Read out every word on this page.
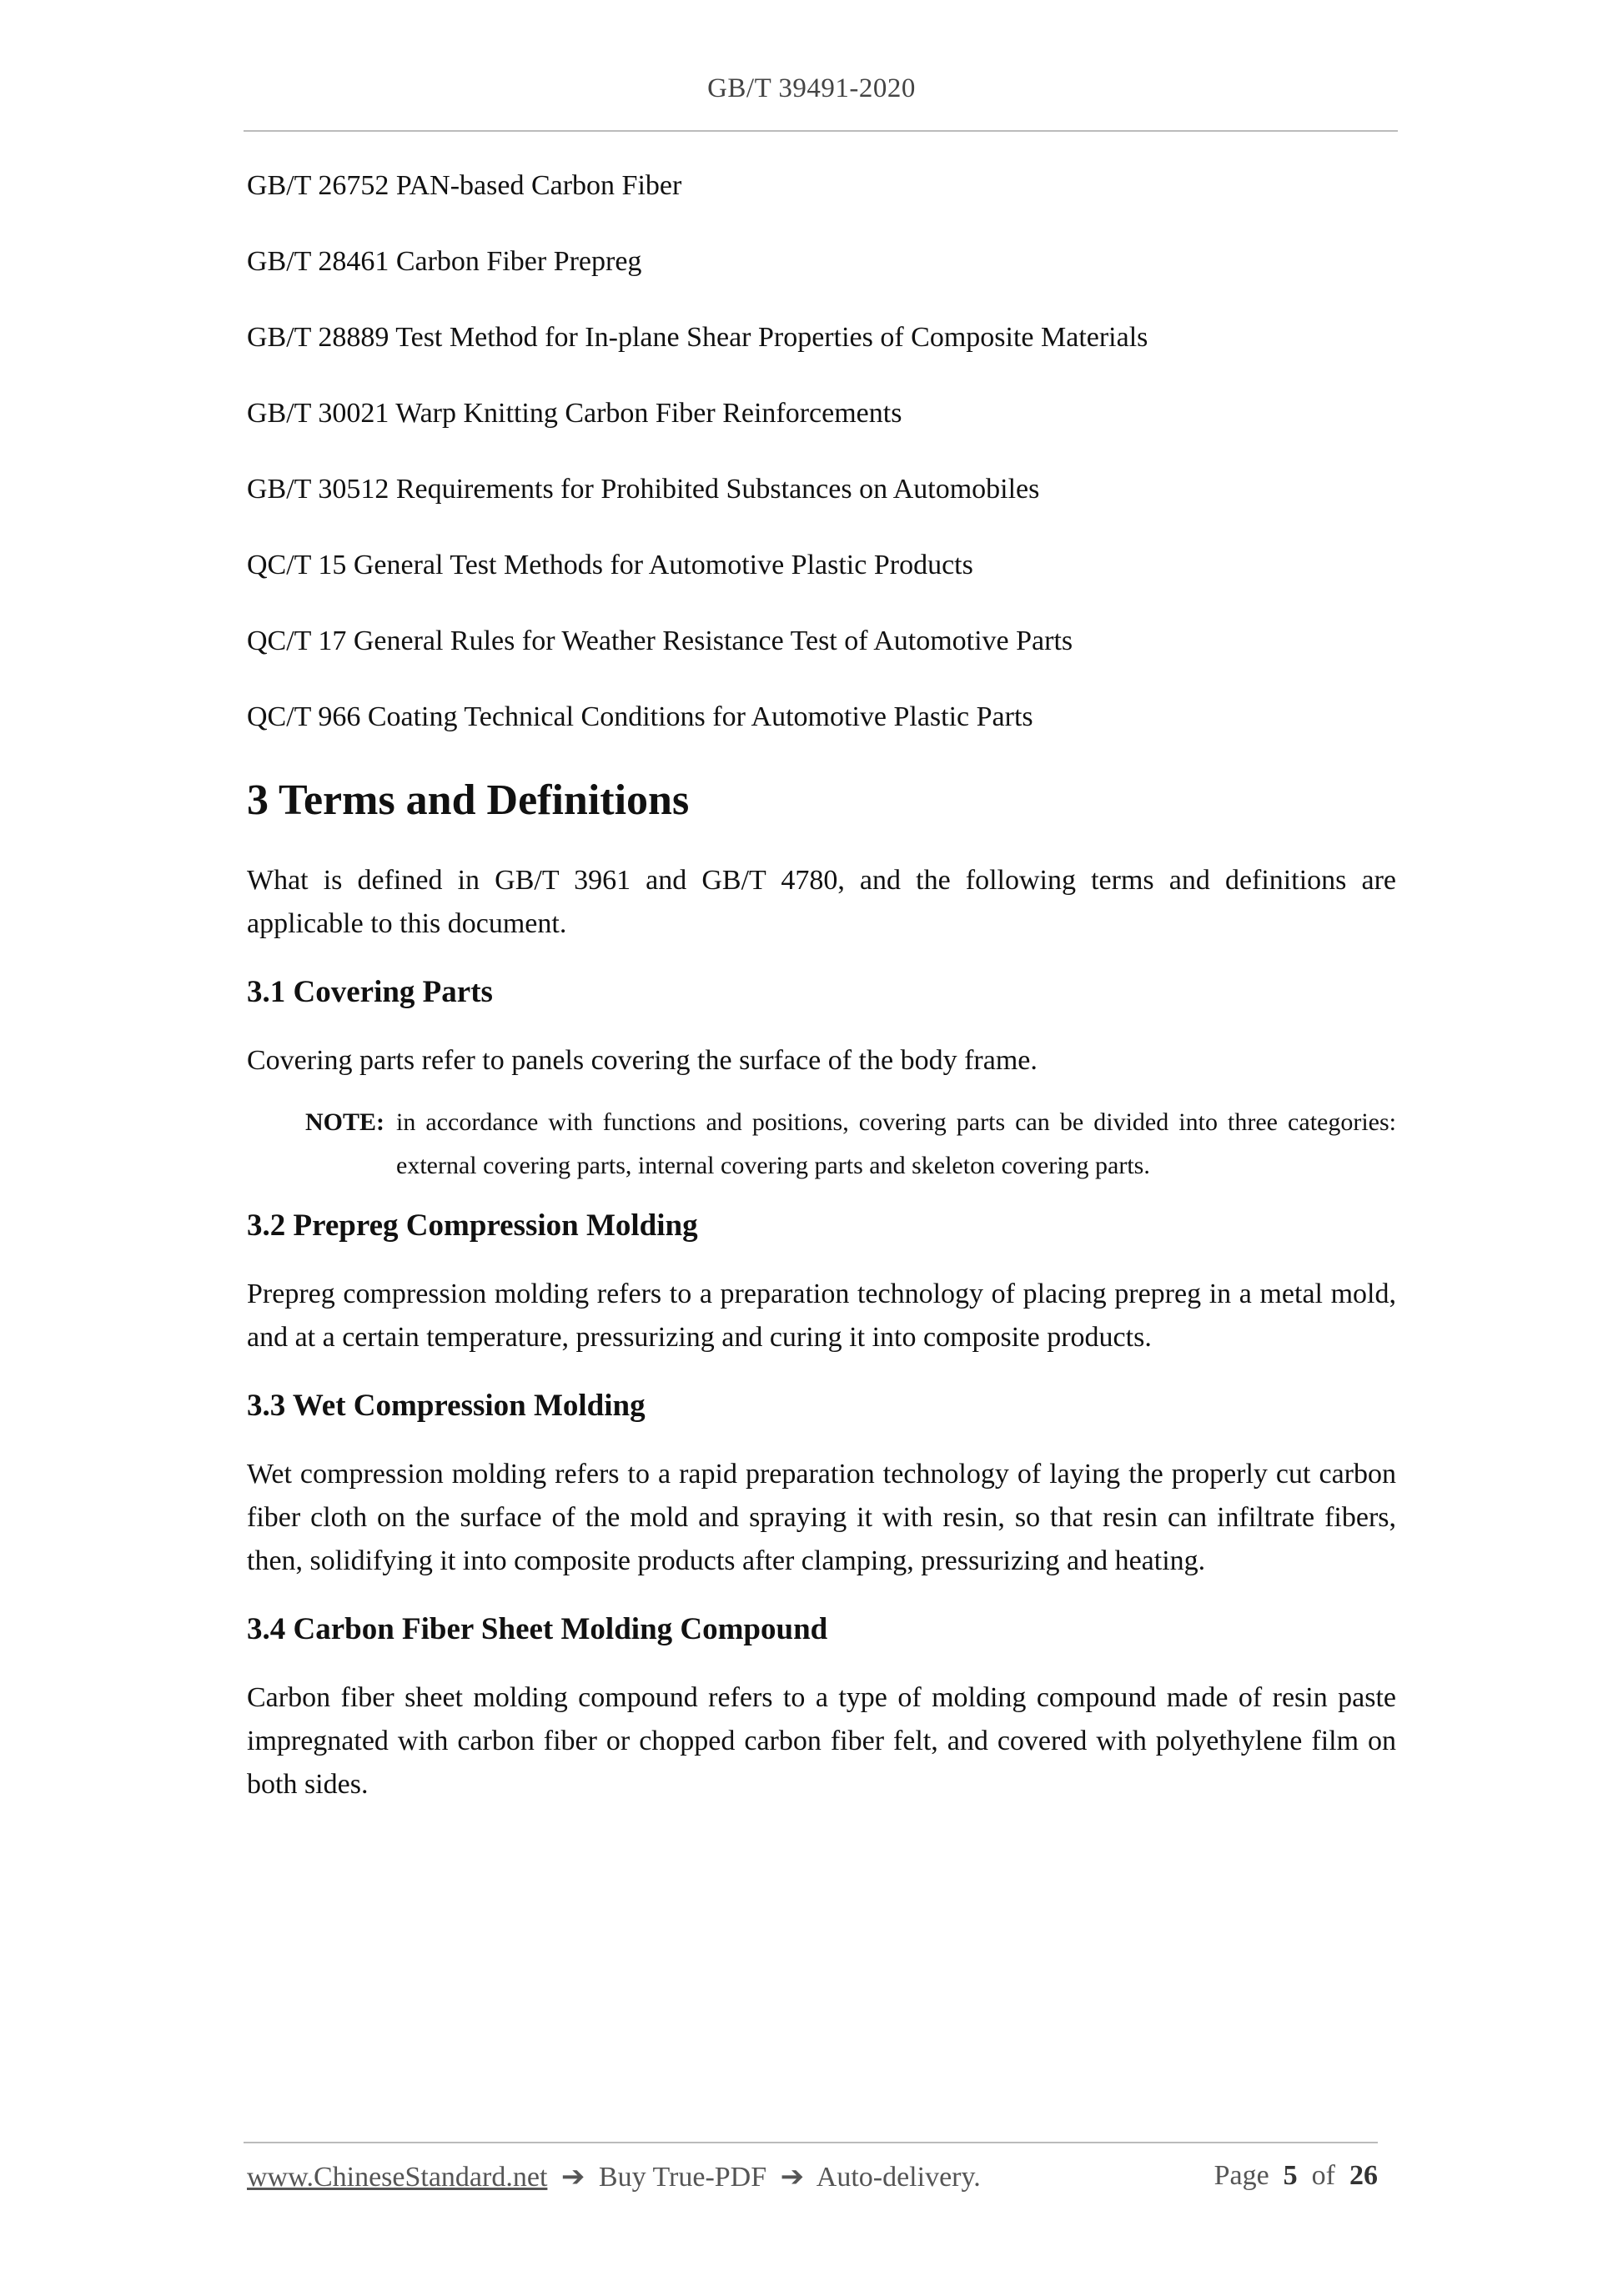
GB/T 39491-2020
GB/T 26752 PAN-based Carbon Fiber
GB/T 28461 Carbon Fiber Prepreg
GB/T 28889 Test Method for In-plane Shear Properties of Composite Materials
GB/T 30021 Warp Knitting Carbon Fiber Reinforcements
GB/T 30512 Requirements for Prohibited Substances on Automobiles
QC/T 15 General Test Methods for Automotive Plastic Products
QC/T 17 General Rules for Weather Resistance Test of Automotive Parts
QC/T 966 Coating Technical Conditions for Automotive Plastic Parts
3 Terms and Definitions

What is defined in GB/T 3961 and GB/T 4780, and the following terms and definitions are applicable to this document.

3.1 Covering Parts

Covering parts refer to panels covering the surface of the body frame.

NOTE: in accordance with functions and positions, covering parts can be divided into three categories: external covering parts, internal covering parts and skeleton covering parts.
3.2 Prepreg Compression Molding

Prepreg compression molding refers to a preparation technology of placing prepreg in a metal mold, and at a certain temperature, pressurizing and curing it into composite products.

3.3 Wet Compression Molding

Wet compression molding refers to a rapid preparation technology of laying the properly cut carbon fiber cloth on the surface of the mold and spraying it with resin, so that resin can infiltrate fibers, then, solidifying it into composite products after clamping, pressurizing and heating.

3.4 Carbon Fiber Sheet Molding Compound

Carbon fiber sheet molding compound refers to a type of molding compound made of resin paste impregnated with carbon fiber or chopped carbon fiber felt, and covered with polyethylene film on both sides.

www.ChineseStandard.net ➔ Buy True-PDF ➔ Auto-delivery.	Page 5 of 26
